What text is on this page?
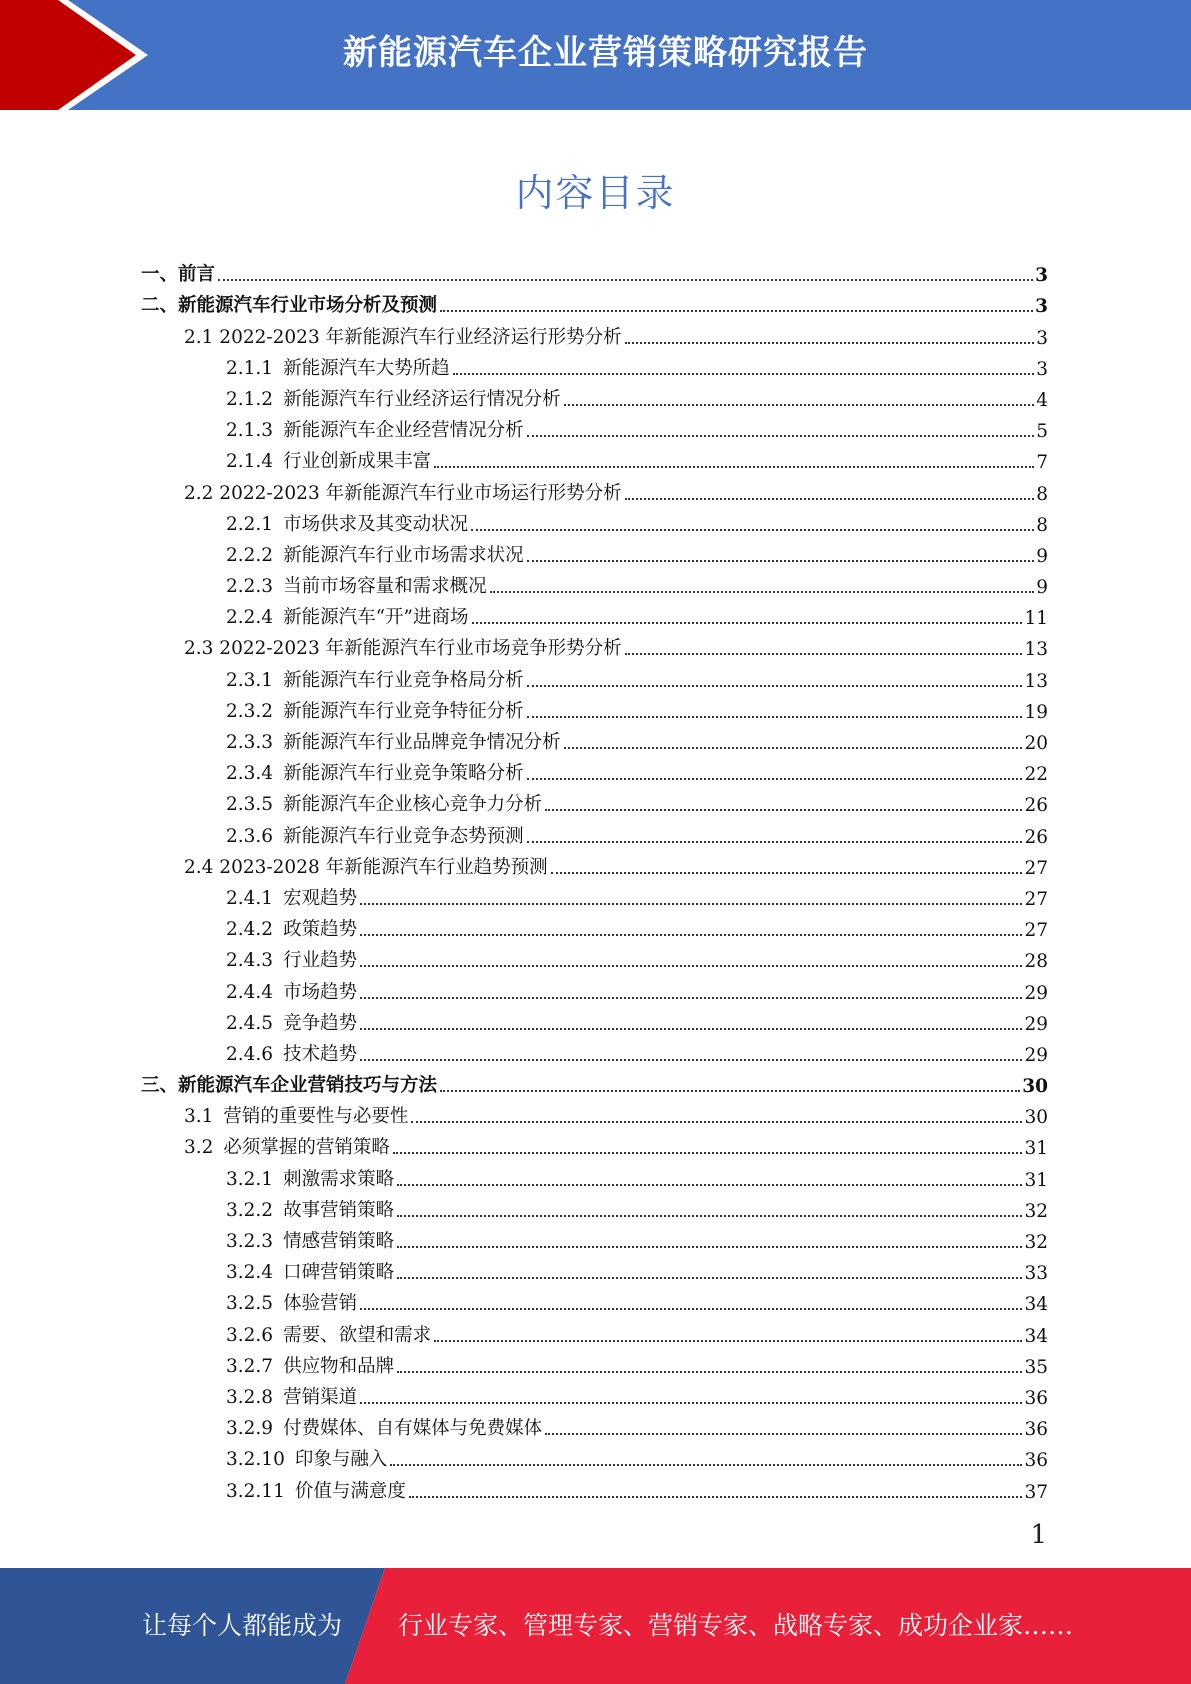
新能源汽车企业营销策略研究报告
内容目录
一、前言	3
二、新能源汽车行业市场分析及预测	3
2.1 2022-2023 年新能源汽车行业经济运行形势分析	3
2.1.1 新能源汽车大势所趋	3
2.1.2 新能源汽车行业经济运行情况分析	4
2.1.3 新能源汽车企业经营情况分析	5
2.1.4 行业创新成果丰富	7
2.2 2022-2023 年新能源汽车行业市场运行形势分析	8
2.2.1 市场供求及其变动状况	8
2.2.2 新能源汽车行业市场需求状况	9
2.2.3 当前市场容量和需求概况	9
2.2.4 新能源汽车“开”进商场	11
2.3 2022-2023 年新能源汽车行业市场竞争形势分析	13
2.3.1 新能源汽车行业竞争格局分析	13
2.3.2 新能源汽车行业竞争特征分析	19
2.3.3 新能源汽车行业品牌竞争情况分析	20
2.3.4 新能源汽车行业竞争策略分析	22
2.3.5 新能源汽车企业核心竞争力分析	26
2.3.6 新能源汽车行业竞争态势预测	26
2.4 2023-2028 年新能源汽车行业趋势预测	27
2.4.1 宏观趋势	27
2.4.2 政策趋势	27
2.4.3 行业趋势	28
2.4.4 市场趋势	29
2.4.5 竞争趋势	29
2.4.6 技术趋势	29
三、新能源汽车企业营销技巧与方法	30
3.1 营销的重要性与必要性	30
3.2 必须掌握的营销策略	31
3.2.1 刺激需求策略	31
3.2.2 故事营销策略	32
3.2.3 情感营销策略	32
3.2.4 口碑营销策略	33
3.2.5 体验营销	34
3.2.6 需要、欲望和需求	34
3.2.7 供应物和品牌	35
3.2.8 营销渠道	36
3.2.9 付费媒体、自有媒体与免费媒体	36
3.2.10 印象与融入	36
3.2.11 价值与满意度	37
1
让每个人都能成为 行业专家、管理专家、营销专家、战略专家、成功企业家……
